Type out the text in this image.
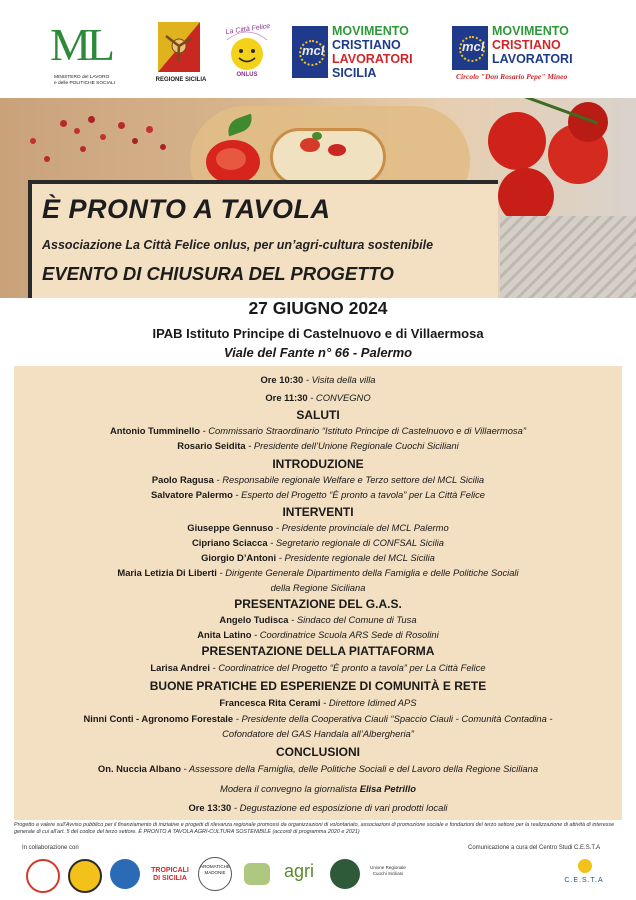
ML
MINISTERO del LAVORO
e delle POLITICHE SOCIALI
REGIONE SICILIA
La Città Felice
ONLUS
mcl
MOVIMENTO
CRISTIANO
LAVORATORI
SICILIA
mcl
MOVIMENTO
CRISTIANO
LAVORATORI
Circolo "Don Rosario Pepe" Mineo
È PRONTO A TAVOLA
Associazione La Città Felice onlus, per un’agri-cultura sostenibile
EVENTO DI CHIUSURA DEL PROGETTO
27 GIUGNO 2024
IPAB Istituto Principe di Castelnuovo e di Villaermosa
Viale del Fante n° 66 - Palermo
Ore 10:30 - Visita della villa
Ore 11:30 - CONVEGNO
SALUTI
Antonio Tumminello - Commissario Straordinario “Istituto Principe di Castelnuovo e di Villaermosa”
Rosario Seidita - Presidente dell’Unione Regionale Cuochi Siciliani
INTRODUZIONE
Paolo Ragusa - Responsabile regionale Welfare e Terzo settore del MCL Sicilia
Salvatore Palermo - Esperto del Progetto “È pronto a tavola” per La Città Felice
INTERVENTI
Giuseppe Gennuso - Presidente provinciale del MCL Palermo
Cipriano Sciacca - Segretario regionale di CONFSAL Sicilia
Giorgio D’Antoni - Presidente regionale del MCL Sicilia
Maria Letizia Di Liberti - Dirigente Generale Dipartimento della Famiglia e delle Politiche Sociali
della Regione Siciliana
PRESENTAZIONE DEL G.A.S.
Angelo Tudisca - Sindaco del Comune di Tusa
Anita Latino - Coordinatrice Scuola ARS Sede di Rosolini
PRESENTAZIONE DELLA PIATTAFORMA
Larisa Andrei - Coordinatrice del Progetto “È pronto a tavola” per La Città Felice
BUONE PRATICHE ED ESPERIENZE DI COMUNITÀ E RETE
Francesca Rita Cerami - Direttore Idimed APS
Ninni Conti - Agronomo Forestale - Presidente della Cooperativa Ciauli “Spaccio Ciauli - Comunità Contadina -
Cofondatore del GAS Handala all’Albergheria”
CONCLUSIONI
On. Nuccia Albano - Assessore della Famiglia, delle Politiche Sociali e del Lavoro della Regione Siciliana
Modera il convegno la giornalista Elisa Petrillo
Ore 13:30 - Degustazione ed esposizione di vari prodotti locali
Progetto a valere sull’Avviso pubblico per il finanziamento di iniziative e progetti di rilevanza regionale promossi da organizzazioni di volontariato, associazioni di promozione sociale e fondazioni del terzo settore per la realizzazione di attività di interesse generale di cui all’art. 5 del codice del terzo settore. È PRONTO A TAVOLA AGRI-CULTURA SOSTENIBILE (accordi di programma 2020 e 2021)
In collaborazione con	Comunicazione a cura del Centro Studi C.E.S.T.A
TROPICALI DI SICILIA
AROMATICHE MADONIE	agri	Unione Regionale Cuochi Siciliani
C.E.S.T.A
